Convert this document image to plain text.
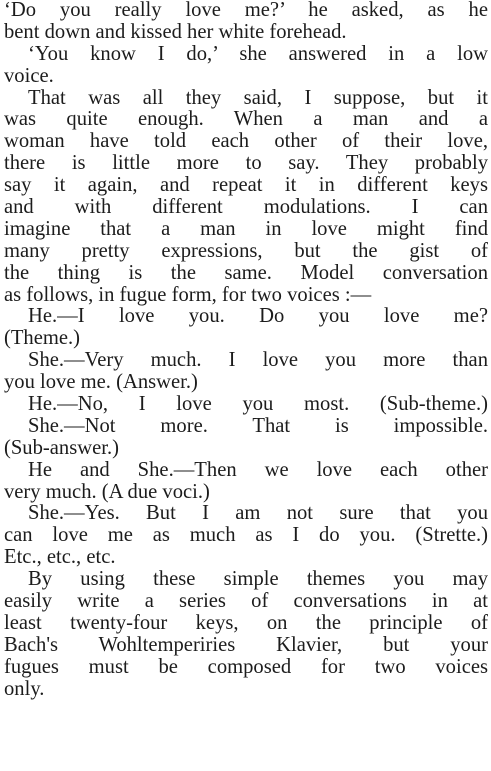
‘Do you really love me?’ he asked, as he
bent down and kissed her white forehead.
‘You know I do,’ she answered in a low
voice.
That was all they said, I suppose, but it
was quite enough. When a man and a
woman have told each other of their love,
there is little more to say. They probably
say it again, and repeat it in different keys
and with different modulations. I can
imagine that a man in love might find
many pretty expressions, but the gist of
the thing is the same. Model conversation
as follows, in fugue form, for two voices :—
He.—I love you. Do you love me?
(Theme.)
She.—Very much. I love you more than
you love me. (Answer.)
He.—No, I love you most. (Sub-theme.)
She.—Not more. That is impossible.
(Sub-answer.)
He and She.—Then we love each other
very much. (A due voci.)
She.—Yes. But I am not sure that you
can love me as much as I do you. (Strette.)
Etc., etc., etc.
By using these simple themes you may
easily write a series of conversations in at
least twenty-four keys, on the principle of
Bach's Wohltemperiries Klavier, but your
fugues must be composed for two voices
only.
